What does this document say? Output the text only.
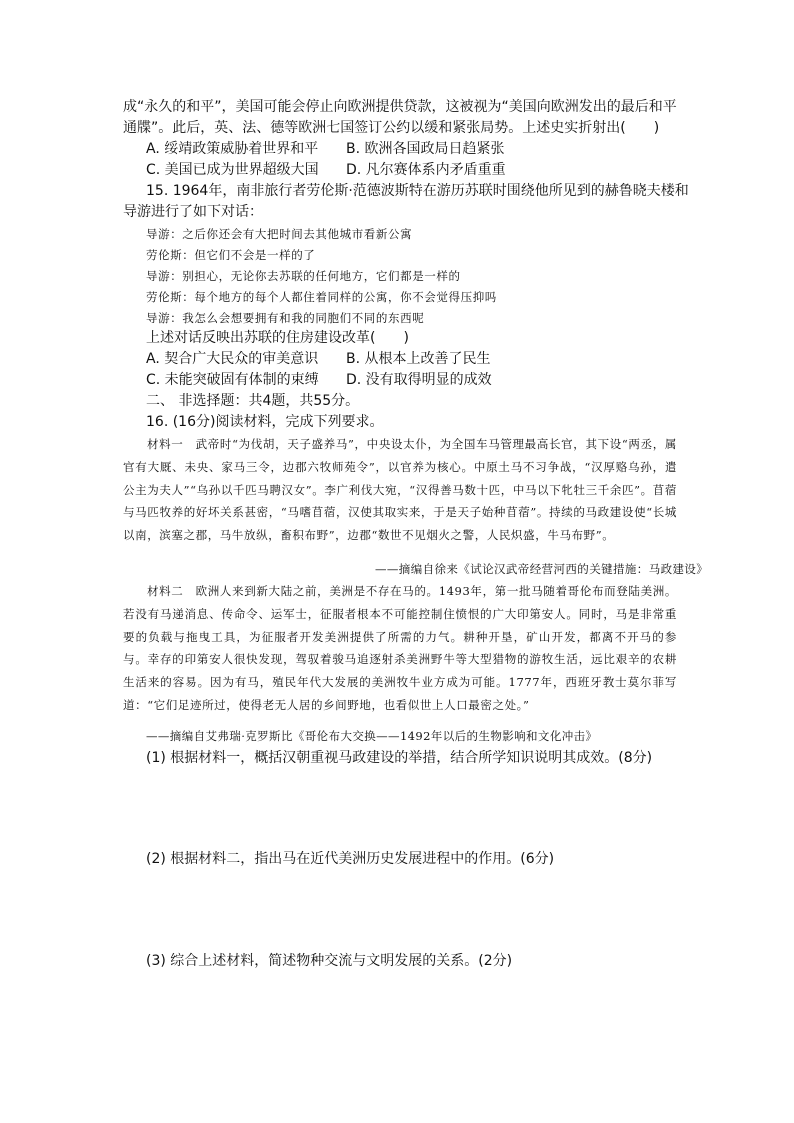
成“永久的和平”，美国可能会停止向欧洲提供贷款，这被视为“美国向欧洲发出的最后和平
通牒”。此后，英、法、德等欧洲七国签订公约以缓和紧张局势。上述史实折射出(　　)
A. 绥靖政策威胁着世界和平 B. 欧洲各国政局日趋紧张
C. 美国已成为世界超级大国 D. 凡尔赛体系内矛盾重重
15. 1964年，南非旅行者劳伦斯·范德波斯特在游历苏联时围绕他所见到的赫鲁晓夫楼和
导游进行了如下对话：
导游：之后你还会有大把时间去其他城市看新公寓
劳伦斯：但它们不会是一样的了
导游：别担心，无论你去苏联的任何地方，它们都是一样的
劳伦斯：每个地方的每个人都住着同样的公寓，你不会觉得压抑吗
导游：我怎么会想要拥有和我的同胞们不同的东西呢
上述对话反映出苏联的住房建设改革(　　)
A. 契合广大民众的审美意识 B. 从根本上改善了民生
C. 未能突破固有体制的束缚 D. 没有取得明显的成效
二、 非选择题：共4题，共55分。
16. (16分)阅读材料，完成下列要求。

材料一　武帝时“为伐胡，天子盛养马”，中央设太仆，为全国车马管理最高长官，其下设“两丞，属官有大厩、未央、家马三令，边郡六牧师苑令”，以官养为核心。中原土马不习争战，“汉厚赂乌孙，遣公主为夫人”“乌孙以千匹马聘汉女”。李广利伐大宛，“汉得善马数十匹，中马以下牝牡三千余匹”。苜蓿与马匹牧养的好坏关系甚密，“马嗜苜蓿，汉使其取实来，于是天子始种苜蓿”。持续的马政建设使“长城以南，滨塞之郡，马牛放纵，畜积布野”，边郡“数世不见烟火之警，人民炽盛，牛马布野”。

——摘编自徐来《试论汉武帝经营河西的关键措施：马政建设》

材料二　欧洲人来到新大陆之前，美洲是不存在马的。1493年，第一批马随着哥伦布而登陆美洲。若没有马递消息、传命令、运军士，征服者根本不可能控制住愤恨的广大印第安人。同时，马是非常重要的负载与拖曳工具，为征服者开发美洲提供了所需的力气。耕种开垦，矿山开发，都离不开马的参与。幸存的印第安人很快发现，驾驭着骏马追逐射杀美洲野牛等大型猎物的游牧生活，远比艰辛的农耕生活来的容易。因为有马，殖民年代大发展的美洲牧牛业方成为可能。1777年，西班牙教士莫尔菲写道：“它们足迹所过，使得老无人居的乡间野地，也看似世上人口最密之处。”

——摘编自艾弗瑞·克罗斯比《哥伦布大交换——1492年以后的生物影响和文化冲击》
(1) 根据材料一，概括汉朝重视马政建设的举措，结合所学知识说明其成效。(8分)
(2) 根据材料二，指出马在近代美洲历史发展进程中的作用。(6分)
(3) 综合上述材料，简述物种交流与文明发展的关系。(2分)
